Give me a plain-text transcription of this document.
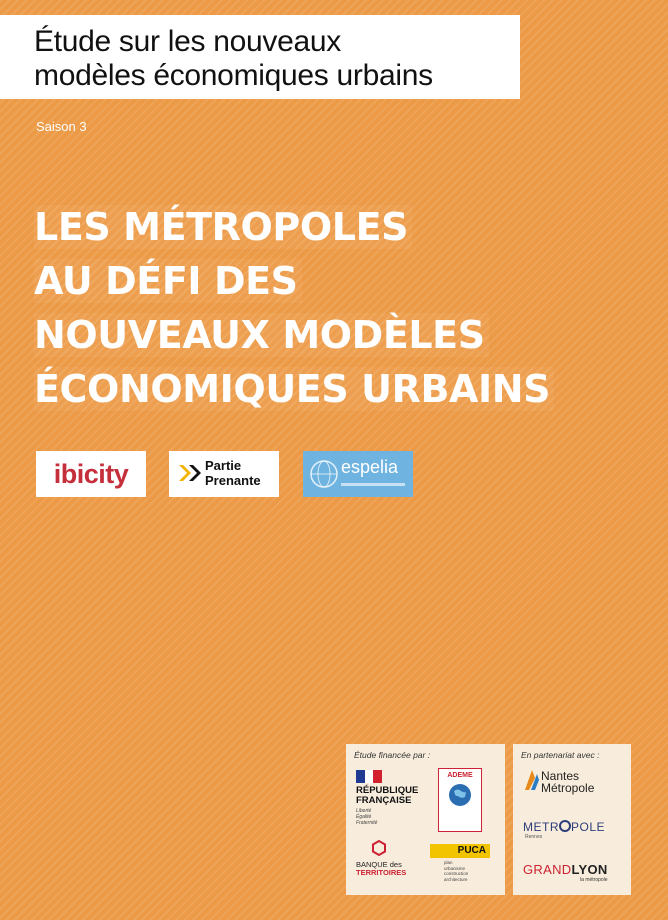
Étude sur les nouveaux
modèles économiques urbains
Saison 3
LES MÉTROPOLES
AU DÉFI DES
NOUVEAUX MODÈLES
ÉCONOMIQUES URBAINS
ibicity	Partie
Prenante
espelia
Étude financée par :
RÉPUBLIQUE
FRANÇAISE
Liberté
Égalité
Fraternité
ADEME
BANQUE des
TERRITOIRES
PUCA
plan
urbanisme
construction
architecture
En partenariat avec :
Nantes
Métropole
METR POLE
Rennes
GRANDLYON
la métropole
